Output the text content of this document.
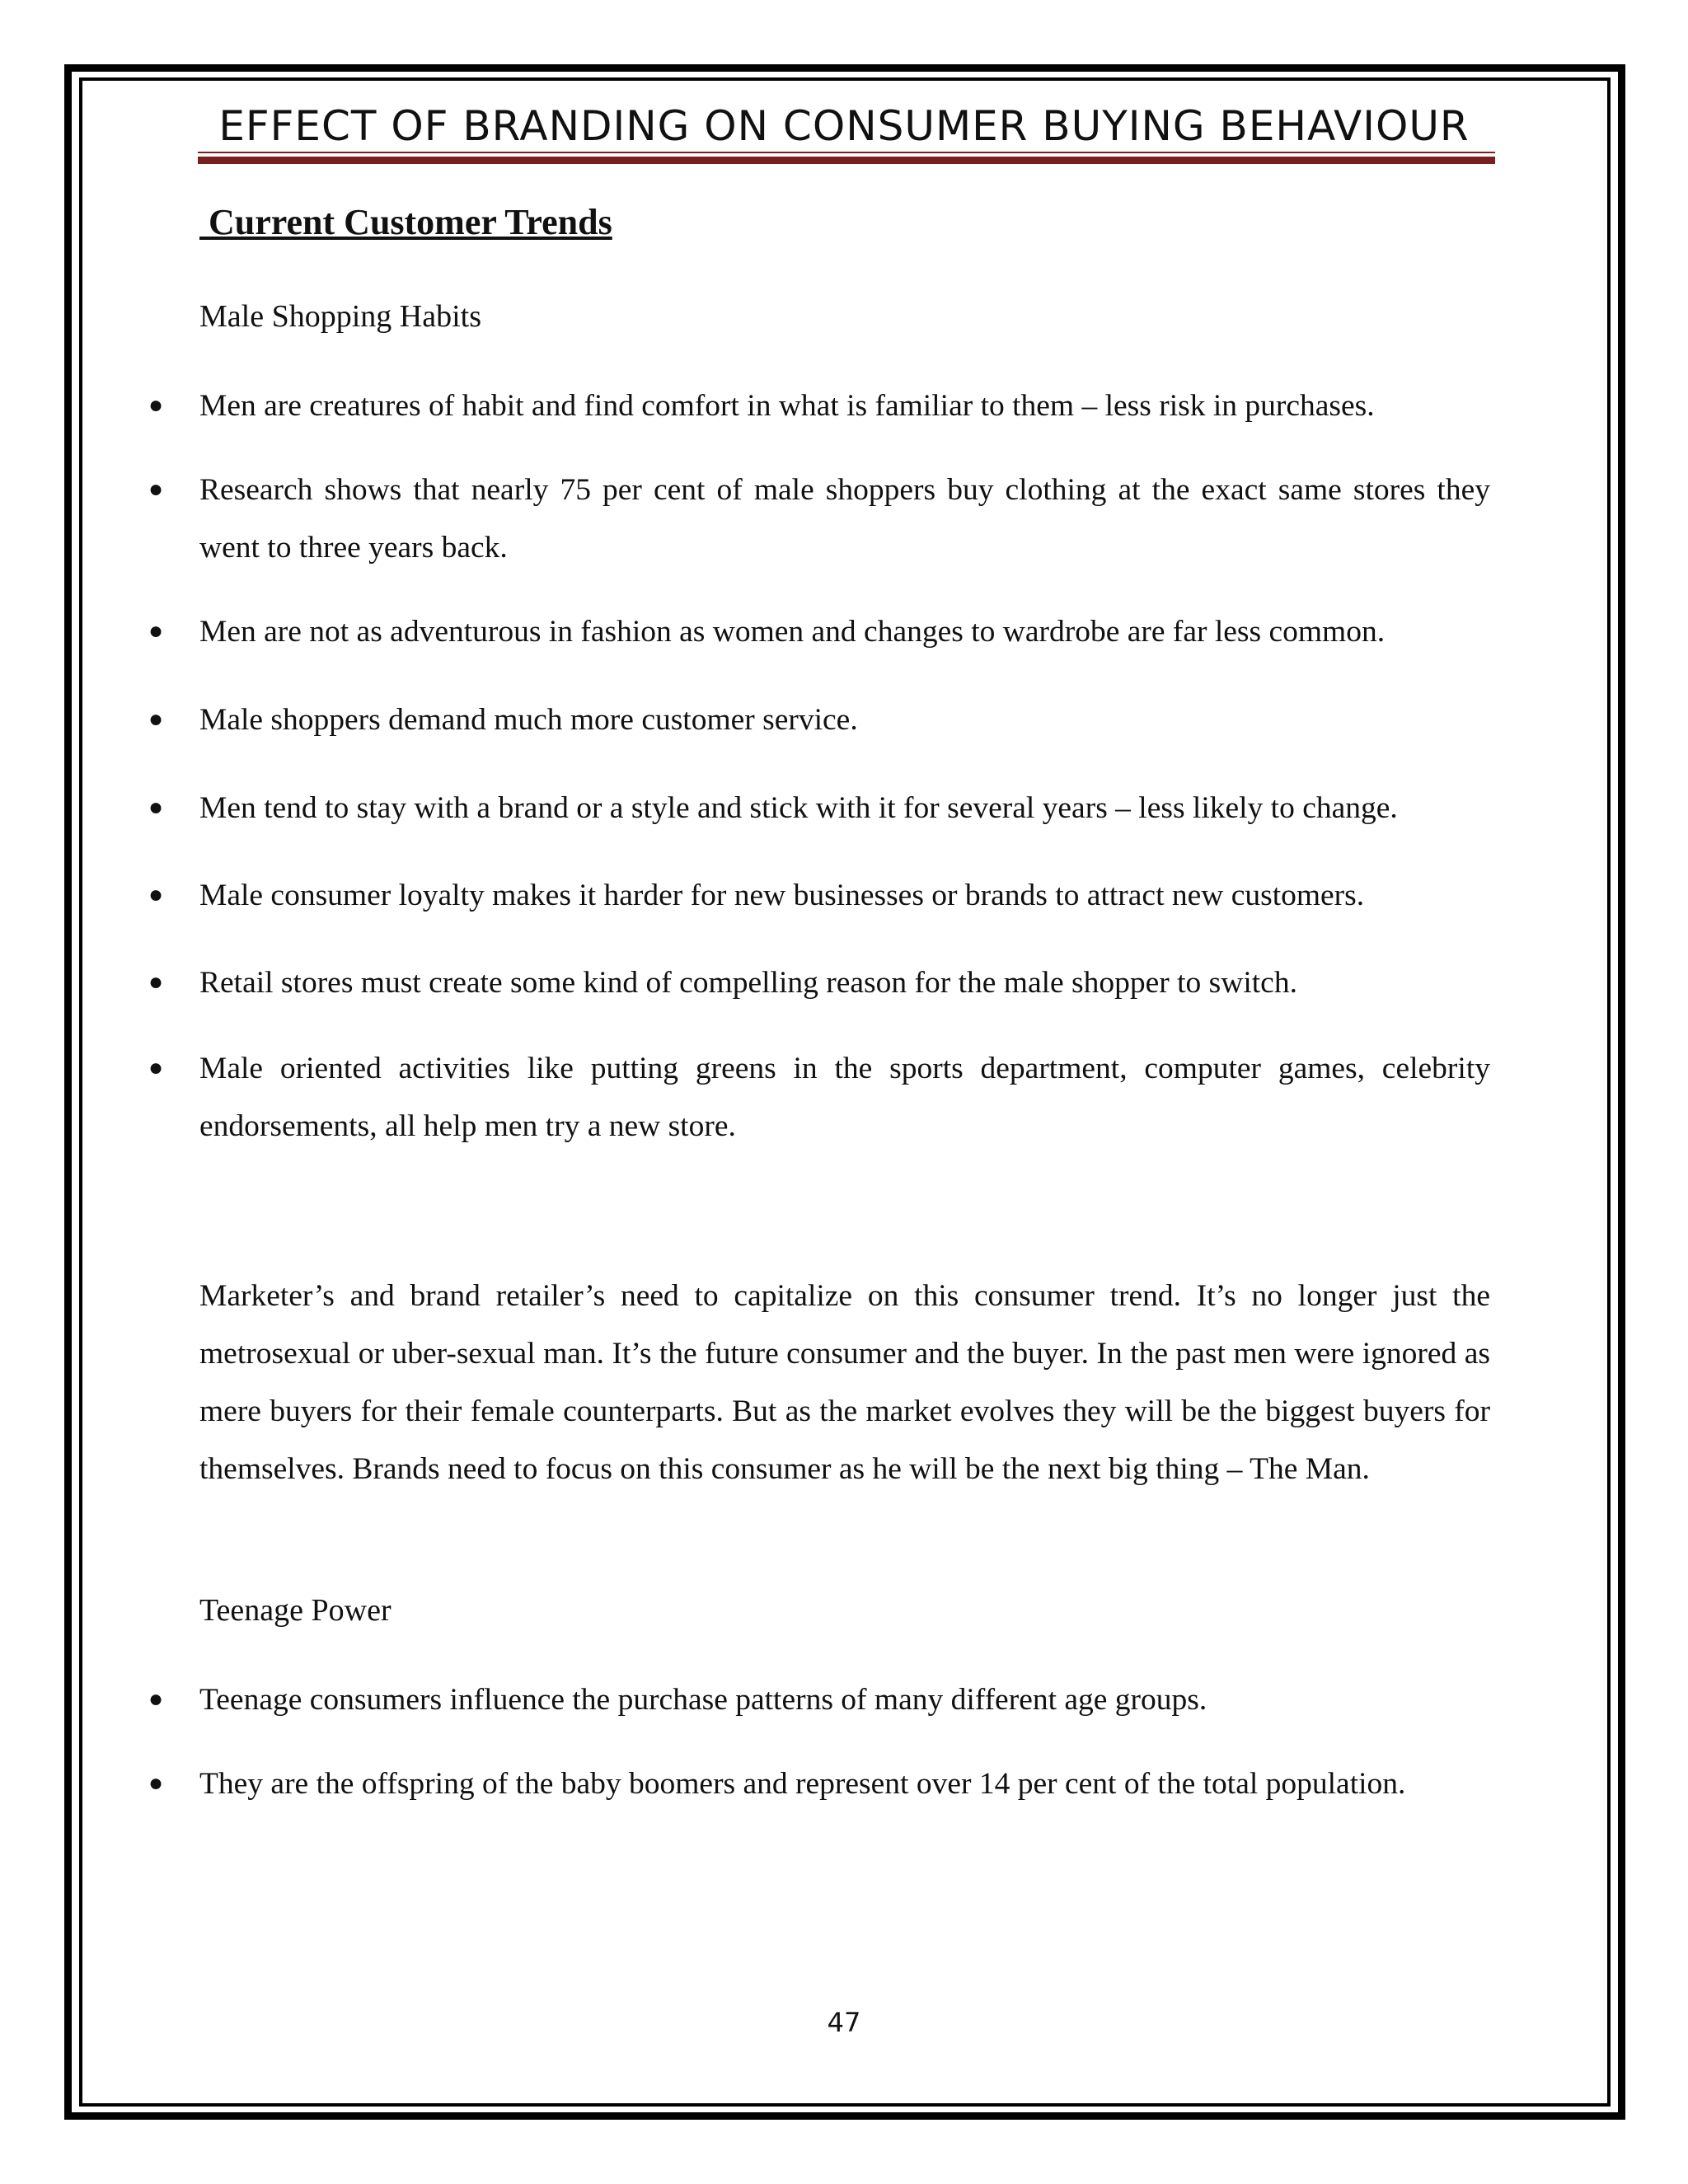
EFFECT OF BRANDING ON CONSUMER BUYING BEHAVIOUR
Current Customer Trends
Male Shopping Habits
● Men are creatures of habit and find comfort in what is familiar to them – less risk in purchases.
● Research shows that nearly 75 per cent of male shoppers buy clothing at the exact same stores they went to three years back.
● Men are not as adventurous in fashion as women and changes to wardrobe are far less common.
● Male shoppers demand much more customer service.
● Men tend to stay with a brand or a style and stick with it for several years – less likely to change.
● Male consumer loyalty makes it harder for new businesses or brands to attract new customers.
● Retail stores must create some kind of compelling reason for the male shopper to switch.
● Male oriented activities like putting greens in the sports department, computer games, celebrity endorsements, all help men try a new store.
Marketer’s and brand retailer’s need to capitalize on this consumer trend. It’s no longer just the metrosexual or uber-sexual man. It’s the future consumer and the buyer. In the past men were ignored as mere buyers for their female counterparts. But as the market evolves they will be the biggest buyers for themselves. Brands need to focus on this consumer as he will be the next big thing – The Man.
Teenage Power
● Teenage consumers influence the purchase patterns of many different age groups.
● They are the offspring of the baby boomers and represent over 14 per cent of the total population.
47
